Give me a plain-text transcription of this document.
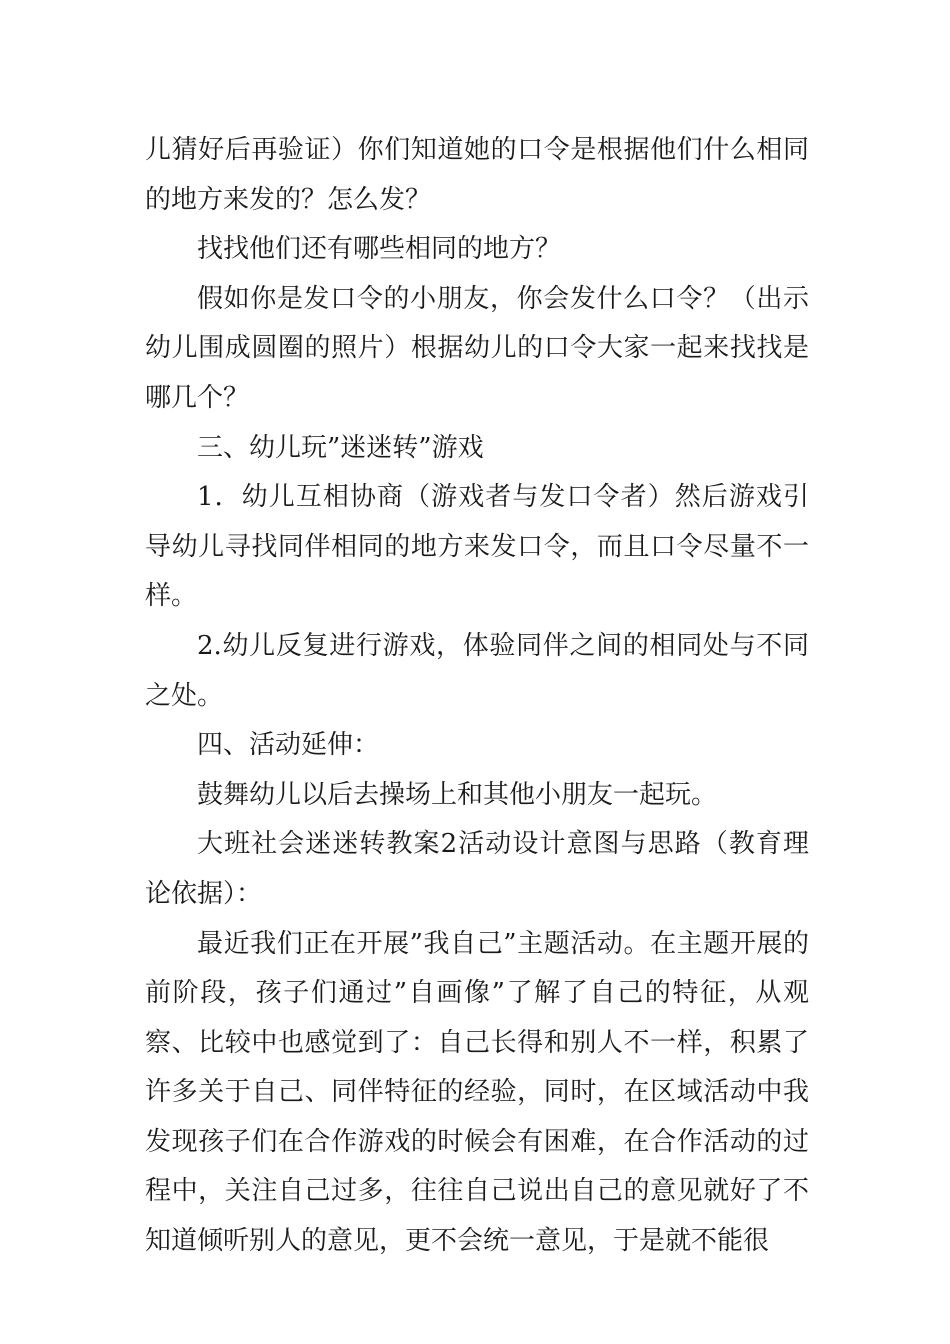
儿猜好后再验证）你们知道她的口令是根据他们什么相同的地方来发的？怎么发？

找找他们还有哪些相同的地方？

假如你是发口令的小朋友，你会发什么口令？（出示幼儿围成圆圈的照片）根据幼儿的口令大家一起来找找是哪几个？

三、幼儿玩”迷迷转”游戏

1．幼儿互相协商（游戏者与发口令者）然后游戏引导幼儿寻找同伴相同的地方来发口令，而且口令尽量不一样。

2.幼儿反复进行游戏，体验同伴之间的相同处与不同之处。

四、活动延伸：

鼓舞幼儿以后去操场上和其他小朋友一起玩。

大班社会迷迷转教案2活动设计意图与思路（教育理论依据）：

最近我们正在开展”我自己”主题活动。在主题开展的前阶段，孩子们通过”自画像”了解了自己的特征，从观察、比较中也感觉到了：自己长得和别人不一样，积累了许多关于自己、同伴特征的经验，同时，在区域活动中我发现孩子们在合作游戏的时候会有困难，在合作活动的过程中，关注自己过多，往往自己说出自己的意见就好了不知道倾听别人的意见，更不会统一意见，于是就不能很
